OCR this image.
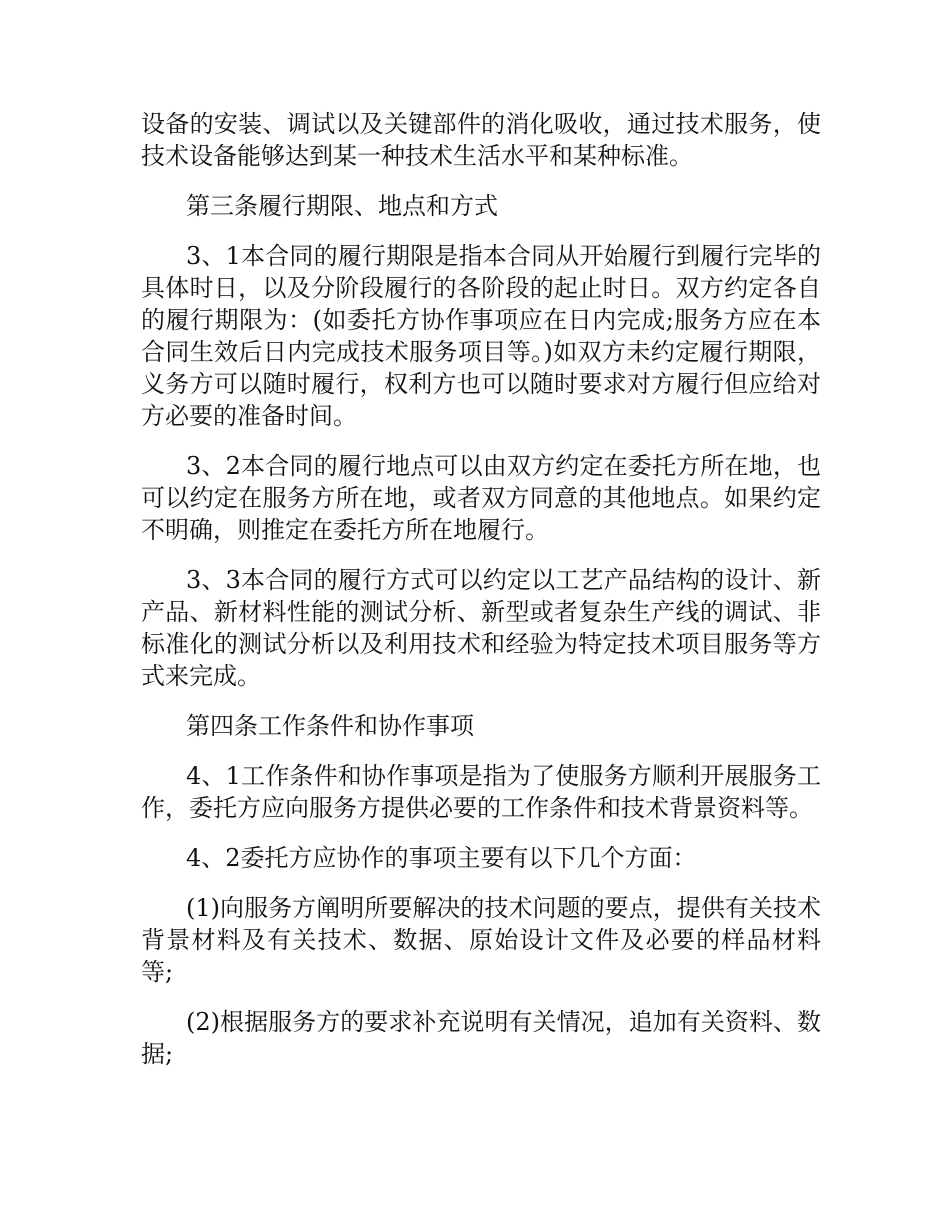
设备的安装、调试以及关键部件的消化吸收，通过技术服务，使技术设备能够达到某一种技术生活水平和某种标准。

第三条履行期限、地点和方式

3、1本合同的履行期限是指本合同从开始履行到履行完毕的具体时日，以及分阶段履行的各阶段的起止时日。双方约定各自的履行期限为：(如委托方协作事项应在日内完成;服务方应在本合同生效后日内完成技术服务项目等。)如双方未约定履行期限，义务方可以随时履行，权利方也可以随时要求对方履行但应给对方必要的准备时间。

3、2本合同的履行地点可以由双方约定在委托方所在地，也可以约定在服务方所在地，或者双方同意的其他地点。如果约定不明确，则推定在委托方所在地履行。

3、3本合同的履行方式可以约定以工艺产品结构的设计、新产品、新材料性能的测试分析、新型或者复杂生产线的调试、非标准化的测试分析以及利用技术和经验为特定技术项目服务等方式来完成。

第四条工作条件和协作事项

4、1工作条件和协作事项是指为了使服务方顺利开展服务工作，委托方应向服务方提供必要的工作条件和技术背景资料等。

4、2委托方应协作的事项主要有以下几个方面：

(1)向服务方阐明所要解决的技术问题的要点，提供有关技术背景材料及有关技术、数据、原始设计文件及必要的样品材料等;

(2)根据服务方的要求补充说明有关情况，追加有关资料、数据;
